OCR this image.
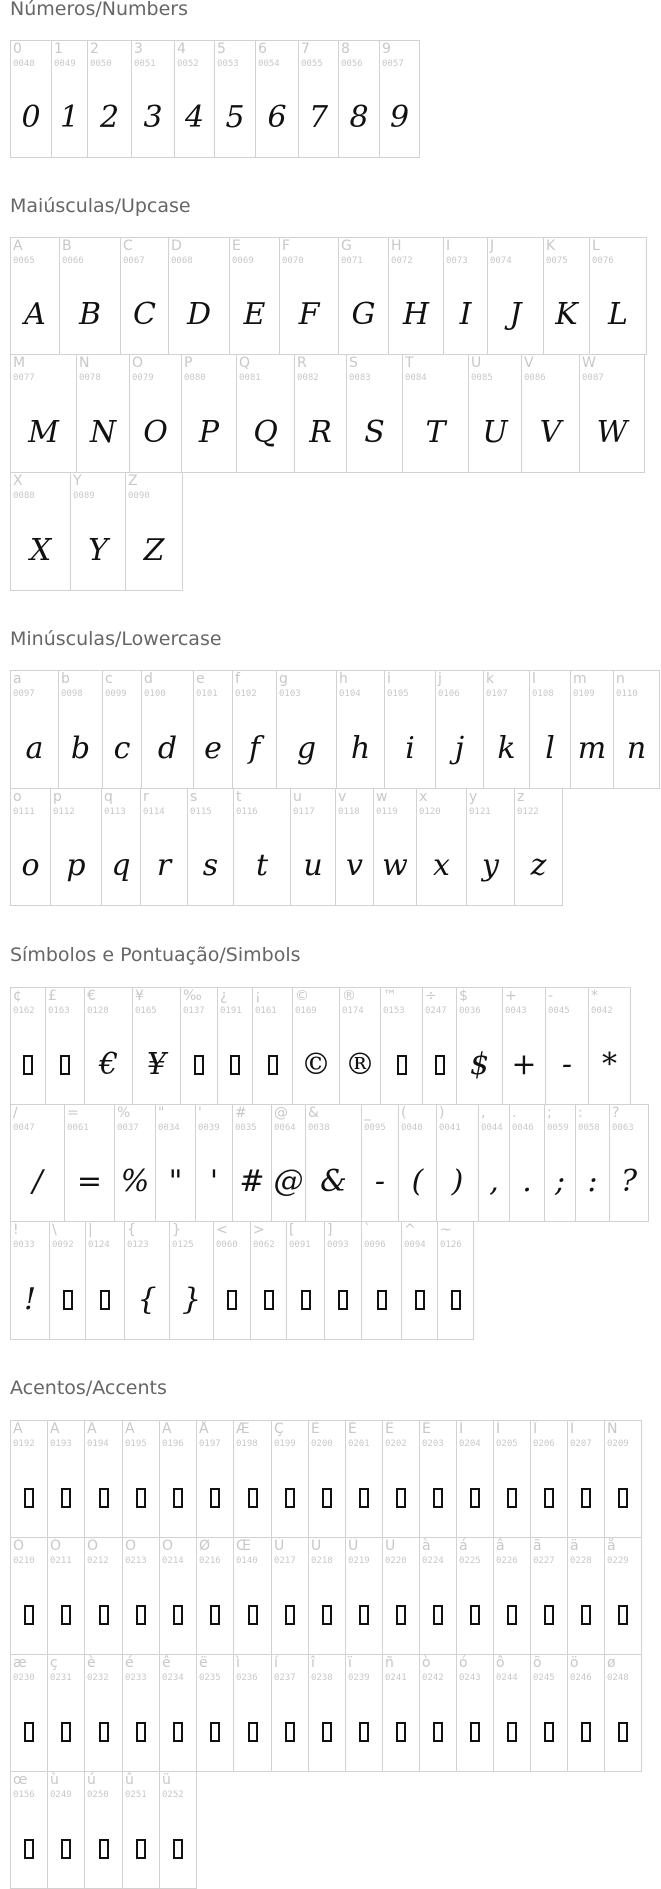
Números/Numbers
0
0048
0
1
0049
1
2
0050
2
3
0051
3
4
0052
4
5
0053
5
6
0054
6
7
0055
7
8
0056
8
9
0057
9
Maiúsculas/Upcase
A
0065
A
B
0066
B
C
0067
C
D
0068
D
E
0069
E
F
0070
F
G
0071
G
H
0072
H
I
0073
I
J
0074
J
K
0075
K
L
0076
L
M
0077
M
N
0078
N
O
0079
O
P
0080
P
Q
0081
Q
R
0082
R
S
0083
S
T
0084
T
U
0085
U
V
0086
V
W
0087
W
X
0088
X
Y
0089
Y
Z
0090
Z
Minúsculas/Lowercase
a
0097
a
b
0098
b
c
0099
c
d
0100
d
e
0101
e
f
0102
f
g
0103
g
h
0104
h
i
0105
i
j
0106
j
k
0107
k
l
0108
l
m
0109
m
n
0110
n
o
0111
o
p
0112
p
q
0113
q
r
0114
r
s
0115
s
t
0116
t
u
0117
u
v
0118
v
w
0119
w
x
0120
x
y
0121
y
z
0122
z
Símbolos e Pontuação/Simbols
¢
0162
£
0163
€
0128
€
¥
0165
¥
‰
0137
¿
0191
¡
0161
©
0169
©
®
0174
®
™
0153
÷
0247
$
0036
$
+
0043
+
-
0045
-
*
0042
*
/
0047
/
=
0061
=
%
0037
%
"
0034
"
'
0039
'
#
0035
#
@
0064
@
&
0038
&
_
0095
-
(
0040
(
)
0041
)
,
0044
,
.
0046
.
;
0059
;
:
0058
:
?
0063
?
!
0033
!
\
0092
|
0124
{
0123
{
}
0125
}
<
0060
>
0062
[
0091
]
0093
`
0096
^
0094
~
0126
Acentos/Accents
À
0192
Á
0193
Â
0194
Ã
0195
Ä
0196
Å
0197
Æ
0198
Ç
0199
È
0200
É
0201
Ê
0202
Ë
0203
Ì
0204
Í
0205
Î
0206
Ï
0207
Ñ
0209
Ò
0210
Ó
0211
Ô
0212
Õ
0213
Ö
0214
Ø
0216
Œ
0140
Ù
0217
Ú
0218
Û
0219
Ü
0220
à
0224
á
0225
â
0226
ã
0227
ä
0228
å
0229
æ
0230
ç
0231
è
0232
é
0233
ê
0234
ë
0235
ì
0236
í
0237
î
0238
ï
0239
ñ
0241
ò
0242
ó
0243
ô
0244
õ
0245
ö
0246
ø
0248
œ
0156
ù
0249
ú
0250
û
0251
ü
0252
